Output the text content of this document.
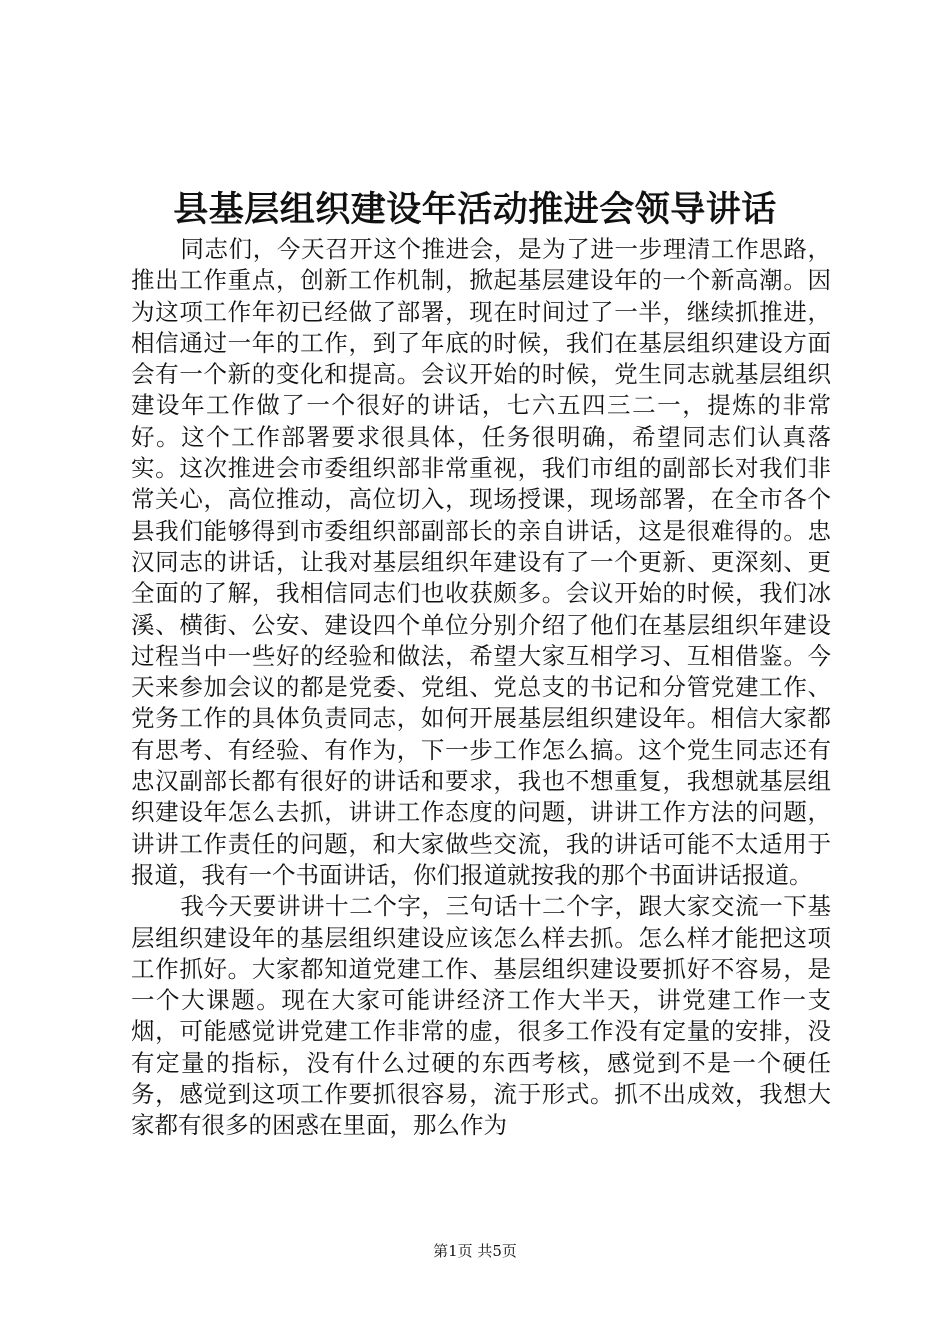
县基层组织建设年活动推进会领导讲话

同志们，今天召开这个推进会，是为了进一步理清工作思路，推出工作重点，创新工作机制，掀起基层建设年的一个新高潮。因为这项工作年初已经做了部署，现在时间过了一半，继续抓推进，相信通过一年的工作，到了年底的时候，我们在基层组织建设方面会有一个新的变化和提高。会议开始的时候，党生同志就基层组织建设年工作做了一个很好的讲话，七六五四三二一，提炼的非常好。这个工作部署要求很具体，任务很明确，希望同志们认真落实。这次推进会市委组织部非常重视，我们市组的副部长对我们非常关心，高位推动，高位切入，现场授课，现场部署，在全市各个县我们能够得到市委组织部副部长的亲自讲话，这是很难得的。忠汉同志的讲话，让我对基层组织年建设有了一个更新、更深刻、更全面的了解，我相信同志们也收获颇多。会议开始的时候，我们冰溪、横街、公安、建设四个单位分别介绍了他们在基层组织年建设过程当中一些好的经验和做法，希望大家互相学习、互相借鉴。今天来参加会议的都是党委、党组、党总支的书记和分管党建工作、党务工作的具体负责同志，如何开展基层组织建设年。相信大家都有思考、有经验、有作为，下一步工作怎么搞。这个党生同志还有忠汉副部长都有很好的讲话和要求，我也不想重复，我想就基层组织建设年怎么去抓，讲讲工作态度的问题，讲讲工作方法的问题，讲讲工作责任的问题，和大家做些交流，我的讲话可能不太适用于报道，我有一个书面讲话，你们报道就按我的那个书面讲话报道。

我今天要讲讲十二个字，三句话十二个字，跟大家交流一下基层组织建设年的基层组织建设应该怎么样去抓。怎么样才能把这项工作抓好。大家都知道党建工作、基层组织建设要抓好不容易，是一个大课题。现在大家可能讲经济工作大半天，讲党建工作一支烟，可能感觉讲党建工作非常的虚，很多工作没有定量的安排，没有定量的指标，没有什么过硬的东西考核，感觉到不是一个硬任务，感觉到这项工作要抓很容易，流于形式。抓不出成效，我想大家都有很多的困惑在里面，那么作为

第1页 共5页
